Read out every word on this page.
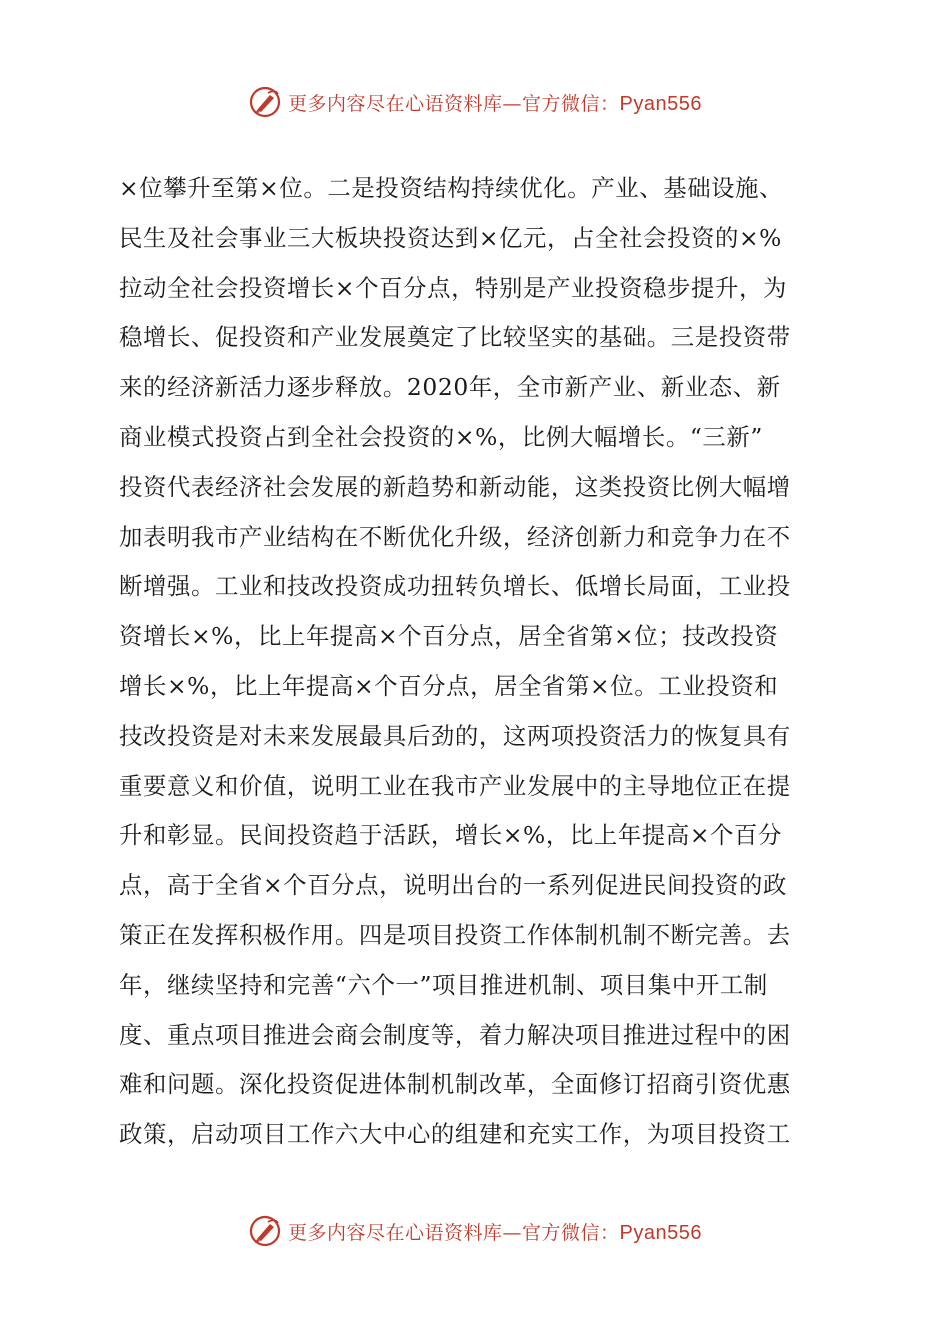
更多内容尽在心语资料库—官方微信：Pyan556
×位攀升至第×位。二是投资结构持续优化。产业、基础设施、
民生及社会事业三大板块投资达到×亿元，占全社会投资的×%
拉动全社会投资增长×个百分点，特别是产业投资稳步提升，为
稳增长、促投资和产业发展奠定了比较坚实的基础。三是投资带
来的经济新活力逐步释放。2020年，全市新产业、新业态、新
商业模式投资占到全社会投资的×%，比例大幅增长。“三新”
投资代表经济社会发展的新趋势和新动能，这类投资比例大幅增
加表明我市产业结构在不断优化升级，经济创新力和竞争力在不
断增强。工业和技改投资成功扭转负增长、低增长局面，工业投
资增长×%，比上年提高×个百分点，居全省第×位；技改投资
增长×%，比上年提高×个百分点，居全省第×位。工业投资和
技改投资是对未来发展最具后劲的，这两项投资活力的恢复具有
重要意义和价值，说明工业在我市产业发展中的主导地位正在提
升和彰显。民间投资趋于活跃，增长×%，比上年提高×个百分
点，高于全省×个百分点，说明出台的一系列促进民间投资的政
策正在发挥积极作用。四是项目投资工作体制机制不断完善。去
年，继续坚持和完善“六个一”项目推进机制、项目集中开工制
度、重点项目推进会商会制度等，着力解决项目推进过程中的困
难和问题。深化投资促进体制机制改革，全面修订招商引资优惠
政策，启动项目工作六大中心的组建和充实工作，为项目投资工
更多内容尽在心语资料库—官方微信：Pyan556
